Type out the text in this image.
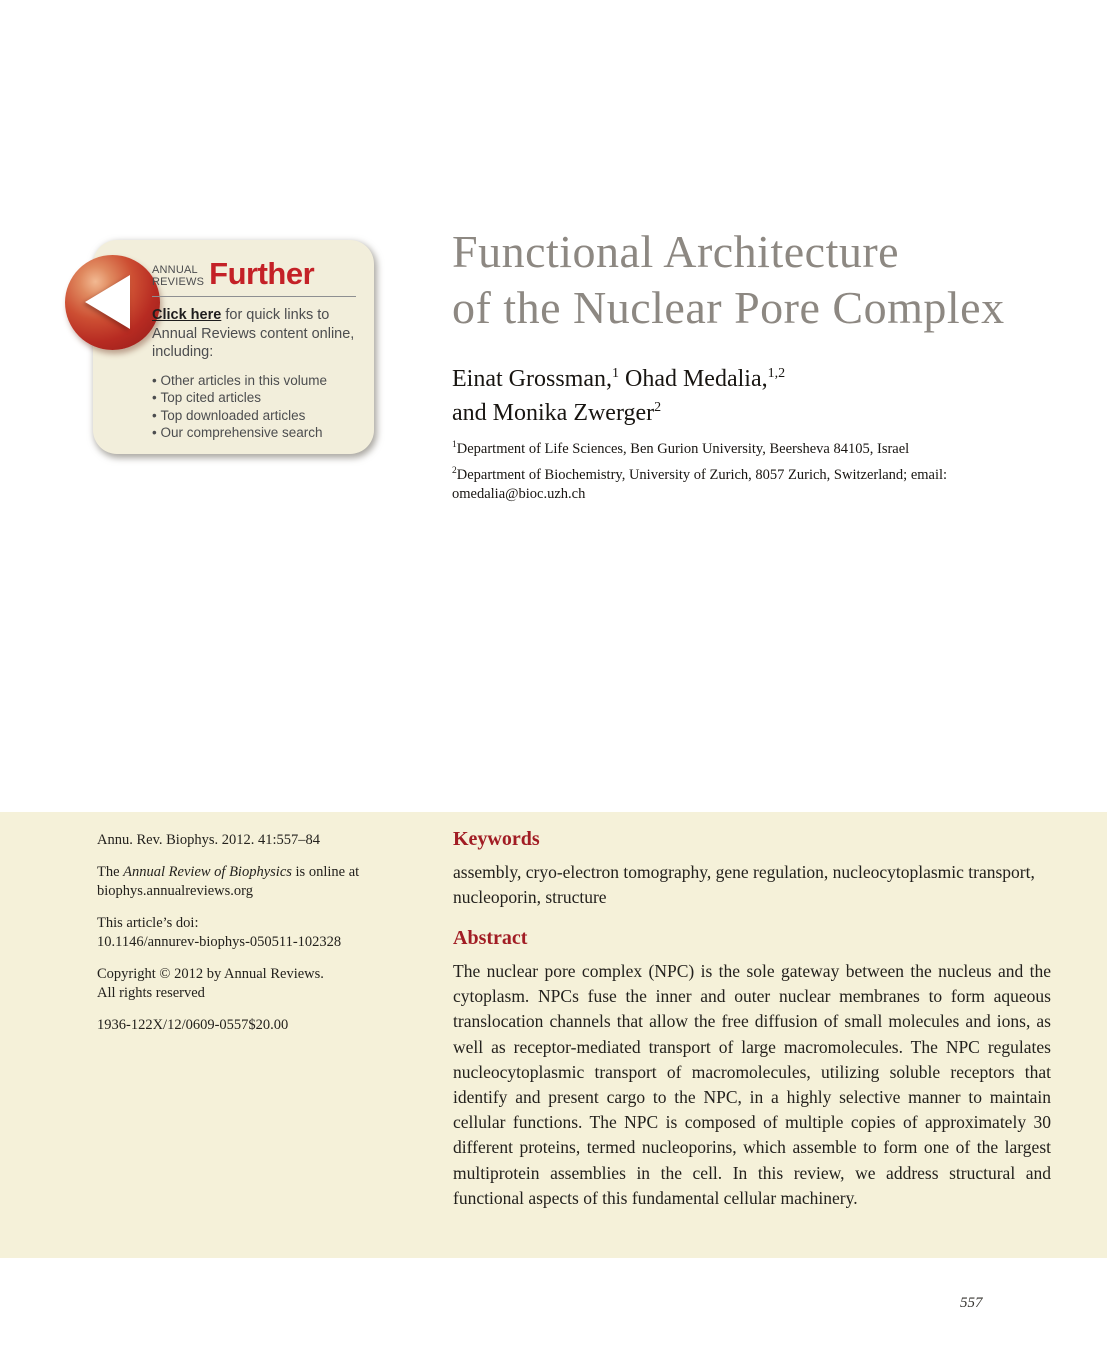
ANNUAL
REVIEWS Further

Click here for quick links to Annual Reviews content online, including:

• Other articles in this volume
• Top cited articles
• Top downloaded articles
• Our comprehensive search
Functional Architecture
of the Nuclear Pore Complex
Einat Grossman,$^1$ Ohad Medalia,$^{1,2}$
and Monika Zwerger$^2$

$^1$Department of Life Sciences, Ben Gurion University, Beersheva 84105, Israel

$^2$Department of Biochemistry, University of Zurich, 8057 Zurich, Switzerland; email: omedalia@bioc.uzh.ch

Annu. Rev. Biophys. 2012. 41:557–84

The Annual Review of Biophysics is online at biophys.annualreviews.org

This article’s doi:
10.1146/annurev-biophys-050511-102328

Copyright © 2012 by Annual Reviews.
All rights reserved

1936-122X/12/0609-0557$20.00

Keywords

assembly, cryo-electron tomography, gene regulation, nucleocytoplasmic transport, nucleoporin, structure

Abstract

The nuclear pore complex (NPC) is the sole gateway between the nucleus and the cytoplasm. NPCs fuse the inner and outer nuclear membranes to form aqueous translocation channels that allow the free diffusion of small molecules and ions, as well as receptor-mediated transport of large macromolecules. The NPC regulates nucleocytoplasmic transport of macromolecules, utilizing soluble receptors that identify and present cargo to the NPC, in a highly selective manner to maintain cellular functions. The NPC is composed of multiple copies of approximately 30 different proteins, termed nucleoporins, which assemble to form one of the largest multiprotein assemblies in the cell. In this review, we address structural and functional aspects of this fundamental cellular machinery.

557
